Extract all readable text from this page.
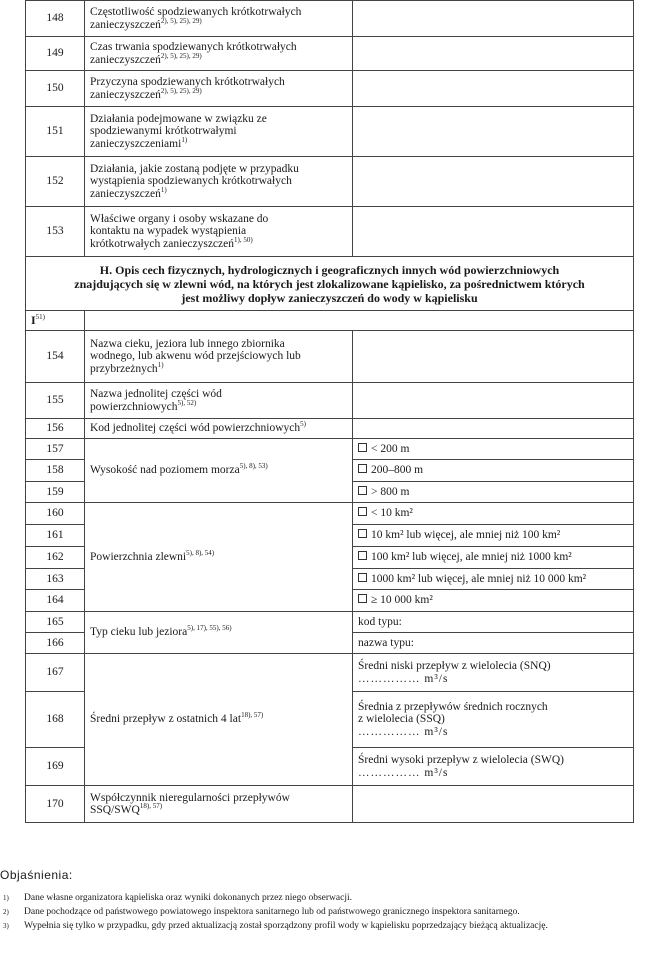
148	Częstotliwość spodziewanych krótkotrwałych
zanieczyszczeń$^{2), 5), 25), 29)}$	
149	Czas trwania spodziewanych krótkotrwałych
zanieczyszczeń$^{2), 5), 25), 29)}$	
150	Przyczyna spodziewanych krótkotrwałych
zanieczyszczeń$^{2), 5), 25), 29)}$	
151	Działania podejmowane w związku ze
spodziewanymi krótkotrwałymi
zanieczyszczeniami$^{1)}$	
152	Działania, jakie zostaną podjęte w przypadku
wystąpienia spodziewanych krótkotrwałych
zanieczyszczeń$^{1)}$	
153	Właściwe organy i osoby wskazane do
kontaktu na wypadek wystąpienia
krótkotrwałych zanieczyszczeń$^{1), 50)}$	
H. Opis cech fizycznych, hydrologicznych i geograficznych innych wód powierzchniowych
znajdujących się w zlewni wód, na których jest zlokalizowane kąpielisko, za pośrednictwem których
jest możliwy dopływ zanieczyszczeń do wody w kąpielisku		
$I^{51)}$	
154	Nazwa cieku, jeziora lub innego zbiornika
wodnego, lub akwenu wód przejściowych lub
przybrzeżnych$^{1)}$	
155	Nazwa jednolitej części wód
powierzchniowych$^{5), 52)}$	
156	Kod jednolitej części wód powierzchniowych$^{5)}$	
157	Wysokość nad poziomem morza$^{5), 8), 53)}$	< 200 m
158		200–800 m
159		> 800 m
160	Powierzchnia zlewni$^{5), 8), 54)}$	< 10 km²
161		10 km² lub więcej, ale mniej niż 100 km²
162		100 km² lub więcej, ale mniej niż 1000 km²
163		1000 km² lub więcej, ale mniej niż 10 000 km²
164		≥ 10 000 km²
165	Typ cieku lub jeziora$^{5), 17), 55), 56)}$	kod typu:
166		nazwa typu:
167	Średni przepływ z ostatnich 4 lat$^{18), 57)}$	Średni niski przepływ z wielolecia (SNQ)
…………… m³/s
168		Średnia z przepływów średnich rocznych
z wielolecia (SSQ)
…………… m³/s
169		Średni wysoki przepływ z wielolecia (SWQ)
…………… m³/s
170	Współczynnik nieregularności przepływów
SSQ/$SWQ^{18), 57)}$	
Objaśnienia:
1) Dane własne organizatora kąpieliska oraz wyniki dokonanych przez niego obserwacji.
2) Dane pochodzące od państwowego powiatowego inspektora sanitarnego lub od państwowego granicznego inspektora sanitarnego.
3) Wypełnia się tylko w przypadku, gdy przed aktualizacją został sporządzony profil wody w kąpielisku poprzedzający bieżącą aktualizację.
